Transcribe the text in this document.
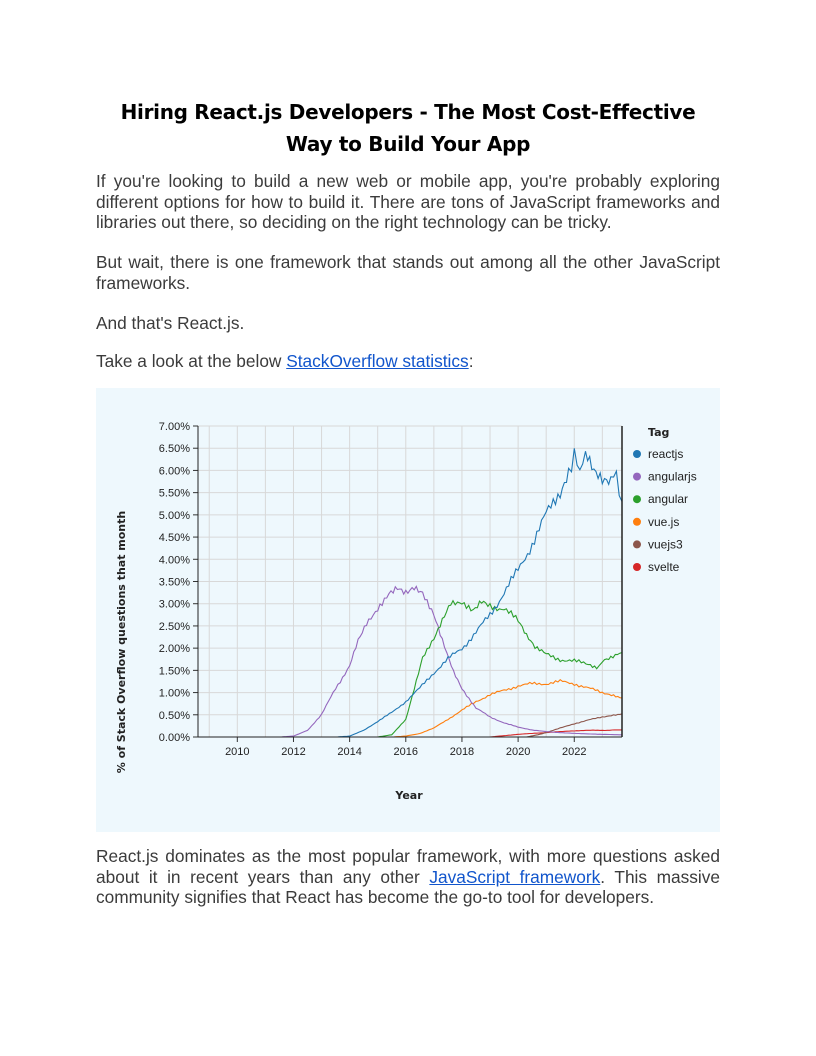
Hiring React.js Developers - The Most Cost-Effective Way to Build Your App

If you're looking to build a new web or mobile app, you're probably exploring different options for how to build it. There are tons of JavaScript frameworks and libraries out there, so deciding on the right technology can be tricky.

But wait, there is one framework that stands out among all the other JavaScript frameworks.

And that's React.js.

Take a look at the below StackOverflow statistics:

0.00%
0.50%
1.00%
1.50%
2.00%
2.50%
3.00%
3.50%
4.00%
4.50%
5.00%
5.50%
6.00%
6.50%
7.00%
2010	2012	2014	2016	2018	2020	2022
% of Stack Overflow questions that month
Year
Tag
reactjs
angularjs
angular
vue.js
vuejs3
svelte

React.js dominates as the most popular framework, with more questions asked about it in recent years than any other JavaScript framework. This massive community signifies that React has become the go-to tool for developers.
